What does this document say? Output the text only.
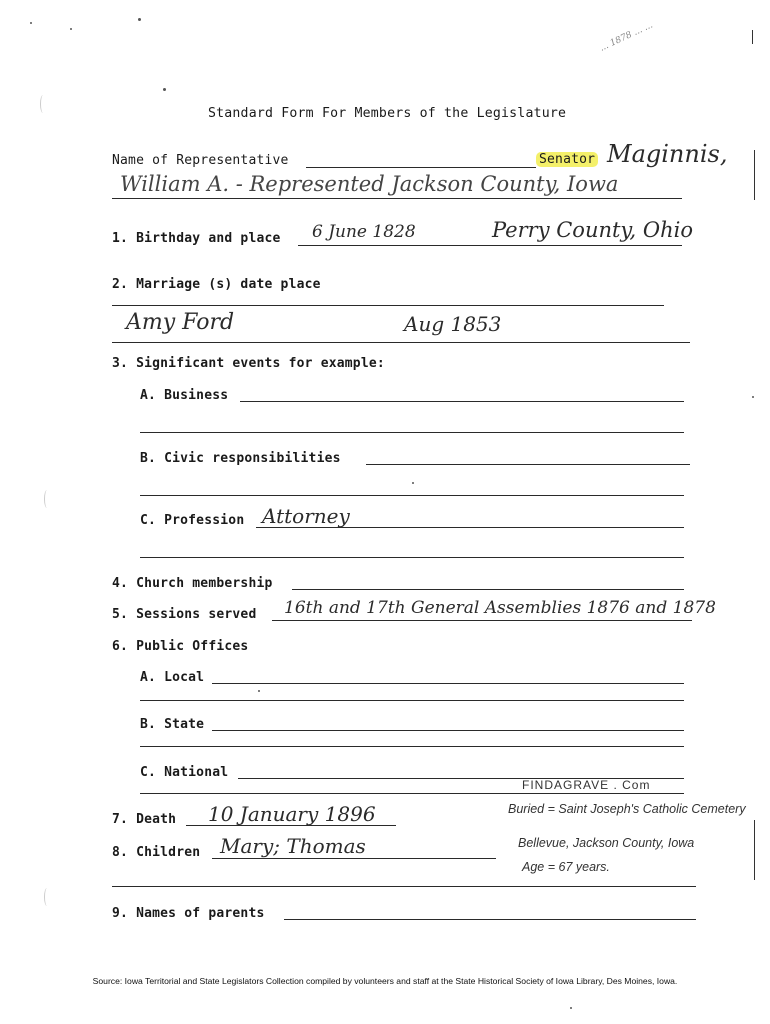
... 1878 ... ...
Standard Form For Members of the Legislature
Name of Representative	Senator Maginnis,
William A. - Represented Jackson County, Iowa
1. Birthday and place 6 June 1828	Perry County, Ohio
2. Marriage (s) date place
Amy Ford	Aug 1853
3. Significant events for example:
A. Business
B. Civic responsibilities
C. Profession Attorney
4. Church membership
5. Sessions served 16th and 17th General Assemblies 1876 and 1878
6. Public Offices
A. Local
B. State
C. National
FINDAGRAVE . Com
7. Death 10 January 1896	Buried = Saint Joseph's Catholic Cemetery
8. Children Mary; Thomas	Bellevue, Jackson County, Iowa
Age = 67 years.
9. Names of parents
Source: Iowa Territorial and State Legislators Collection compiled by volunteers and staff at the State Historical Society of Iowa Library, Des Moines, Iowa.
